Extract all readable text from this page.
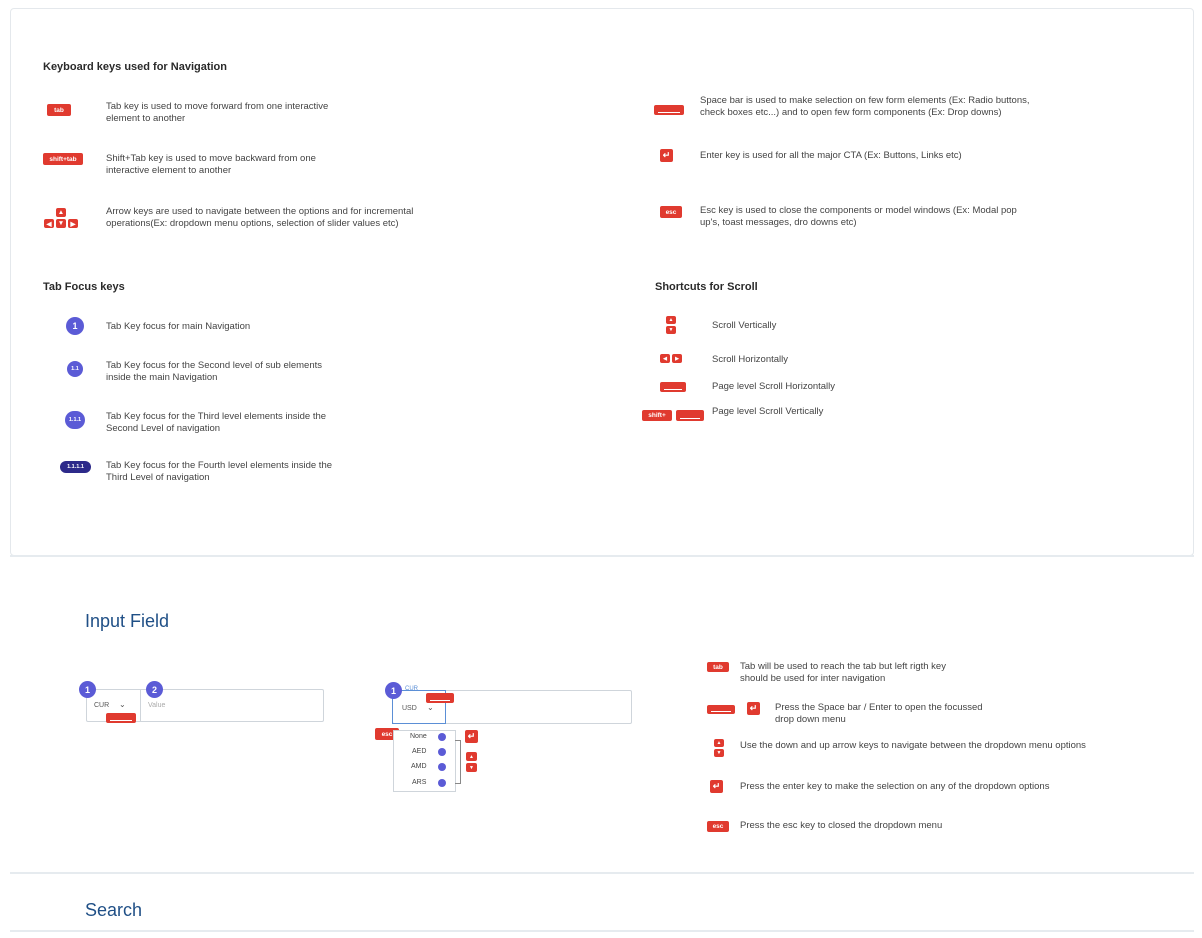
Keyboard keys used for Navigation
tab	Tab key is used to move forward from one interactive
element to another
shift+tab	Shift+Tab key is used to move backward from one
interactive element to another
▲
◀ ▼ ▶
Arrow keys are used to navigate between the options and for incremental
operations(Ex: dropdown menu options, selection of slider values etc)
Space bar is used to make selection on few form elements (Ex: Radio buttons,
check boxes etc...) and to open few form components (Ex: Drop downs)
↵	Enter key is used for all the major CTA (Ex: Buttons, Links etc)
esc	Esc key is used to close the components or model windows (Ex: Modal pop
up's, toast messages, dro downs etc)
Tab Focus keys
1	Tab Key focus for main Navigation
1.1	Tab Key focus for the Second level of sub elements
inside the main Navigation
1.1.1	Tab Key focus for the Third level elements inside the
Second Level of navigation
1.1.1.1	Tab Key focus for the Fourth level elements inside the
Third Level of navigation
Shortcuts for Scroll
▲
▼	Scroll Vertically
◀	▶	Scroll Horizontally
Page level Scroll Horizontally
shift+	Page level Scroll Vertically
Input Field
CUR ⌄	Value
1	2	CUR
USD ⌄
1
esc	↵
▲
▼
None
AED
AMD
ARS
tab	Tab will be used to reach the tab but left rigth key
should be used for inter navigation
↵ Press the Space bar / Enter to open the focussed
drop down menu
▲
▼
Use the down and up arrow keys to navigate between the dropdown menu options
↵ Press the enter key to make the selection on any of the dropdown options
esc	Press the esc key to closed the dropdown menu
Search
